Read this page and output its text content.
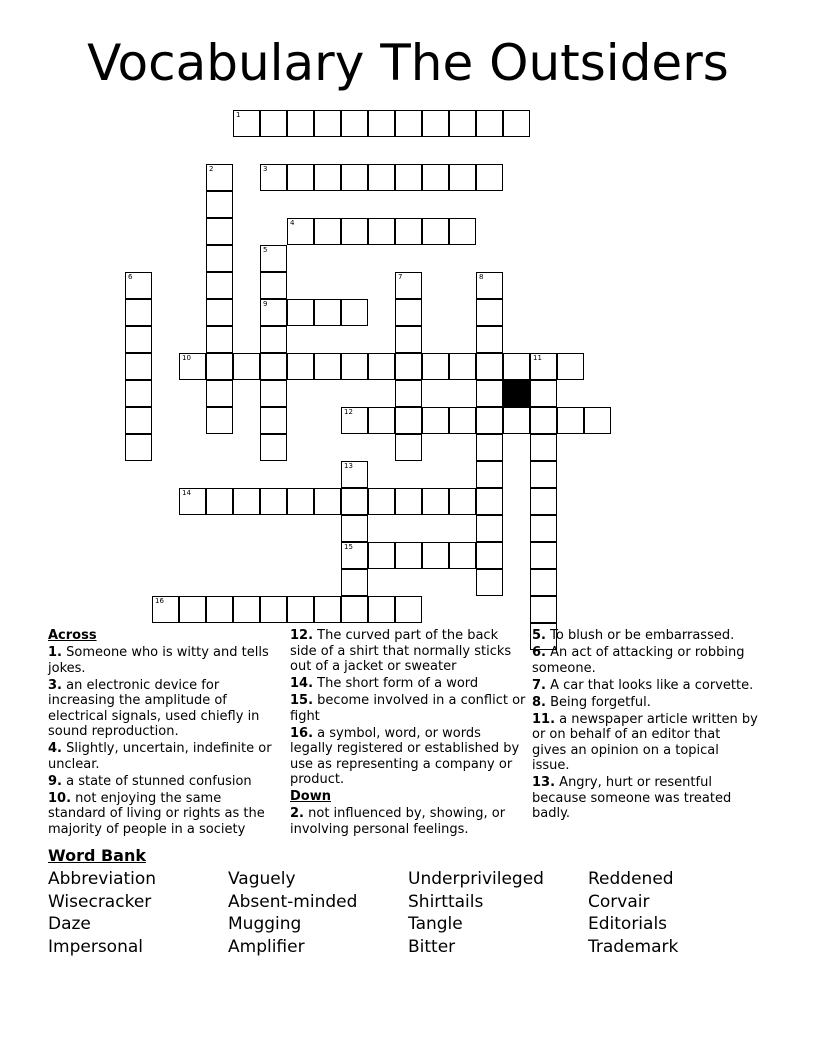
Vocabulary The Outsiders
1
3
4
9
10	11
12
14
15
16
2
5
6	7	8
13

Across

1. Someone who is witty and tells jokes.

3. an electronic device for increasing the amplitude of electrical signals, used chiefly in sound reproduction.

4. Slightly, uncertain, indefinite or unclear.

9. a state of stunned confusion

10. not enjoying the same standard of living or rights as the majority of people in a society

12. The curved part of the back side of a shirt that normally sticks out of a jacket or sweater

14. The short form of a word

15. become involved in a conflict or fight

16. a symbol, word, or words legally registered or established by use as representing a company or product.

Down

2. not influenced by, showing, or involving personal feelings.

5. To blush or be embarrassed.

6. An act of attacking or robbing someone.

7. A car that looks like a corvette.

8. Being forgetful.

11. a newspaper article written by or on behalf of an editor that gives an opinion on a topical issue.

13. Angry, hurt or resentful because someone was treated badly.

Word Bank
Abbreviation
Wisecracker
Daze
Impersonal
Vaguely
Absent-minded
Mugging
Amplifier
Underprivileged
Shirttails
Tangle
Bitter
Reddened
Corvair
Editorials
Trademark
